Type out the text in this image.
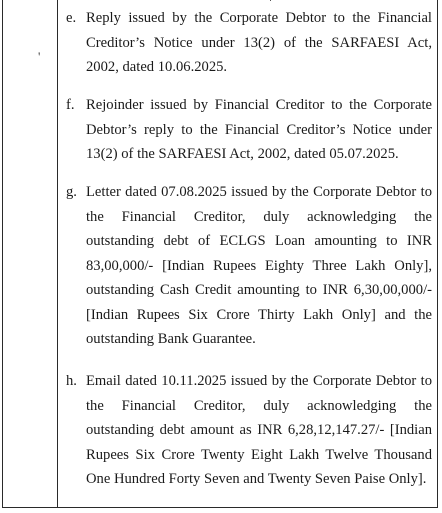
'
e. Reply issued by the Corporate Debtor to the Financial Creditor’s Notice under 13(2) of the SARFAESI Act, 2002, dated 10.06.2025.
f. Rejoinder issued by Financial Creditor to the Corporate Debtor’s reply to the Financial Creditor’s Notice under 13(2) of the SARFAESI Act, 2002, dated 05.07.2025.
g. Letter dated 07.08.2025 issued by the Corporate Debtor to the Financial Creditor, duly acknowledging the outstanding debt of ECLGS Loan amounting to INR 83,00,000/- [Indian Rupees Eighty Three Lakh Only], outstanding Cash Credit amounting to INR 6,30,00,000/- [Indian Rupees Six Crore Thirty Lakh Only] and the outstanding Bank Guarantee.
h. Email dated 10.11.2025 issued by the Corporate Debtor to the Financial Creditor, duly acknowledging the outstanding debt amount as INR 6,28,12,147.27/- [Indian Rupees Six Crore Twenty Eight Lakh Twelve Thousand One Hundred Forty Seven and Twenty Seven Paise Only].
